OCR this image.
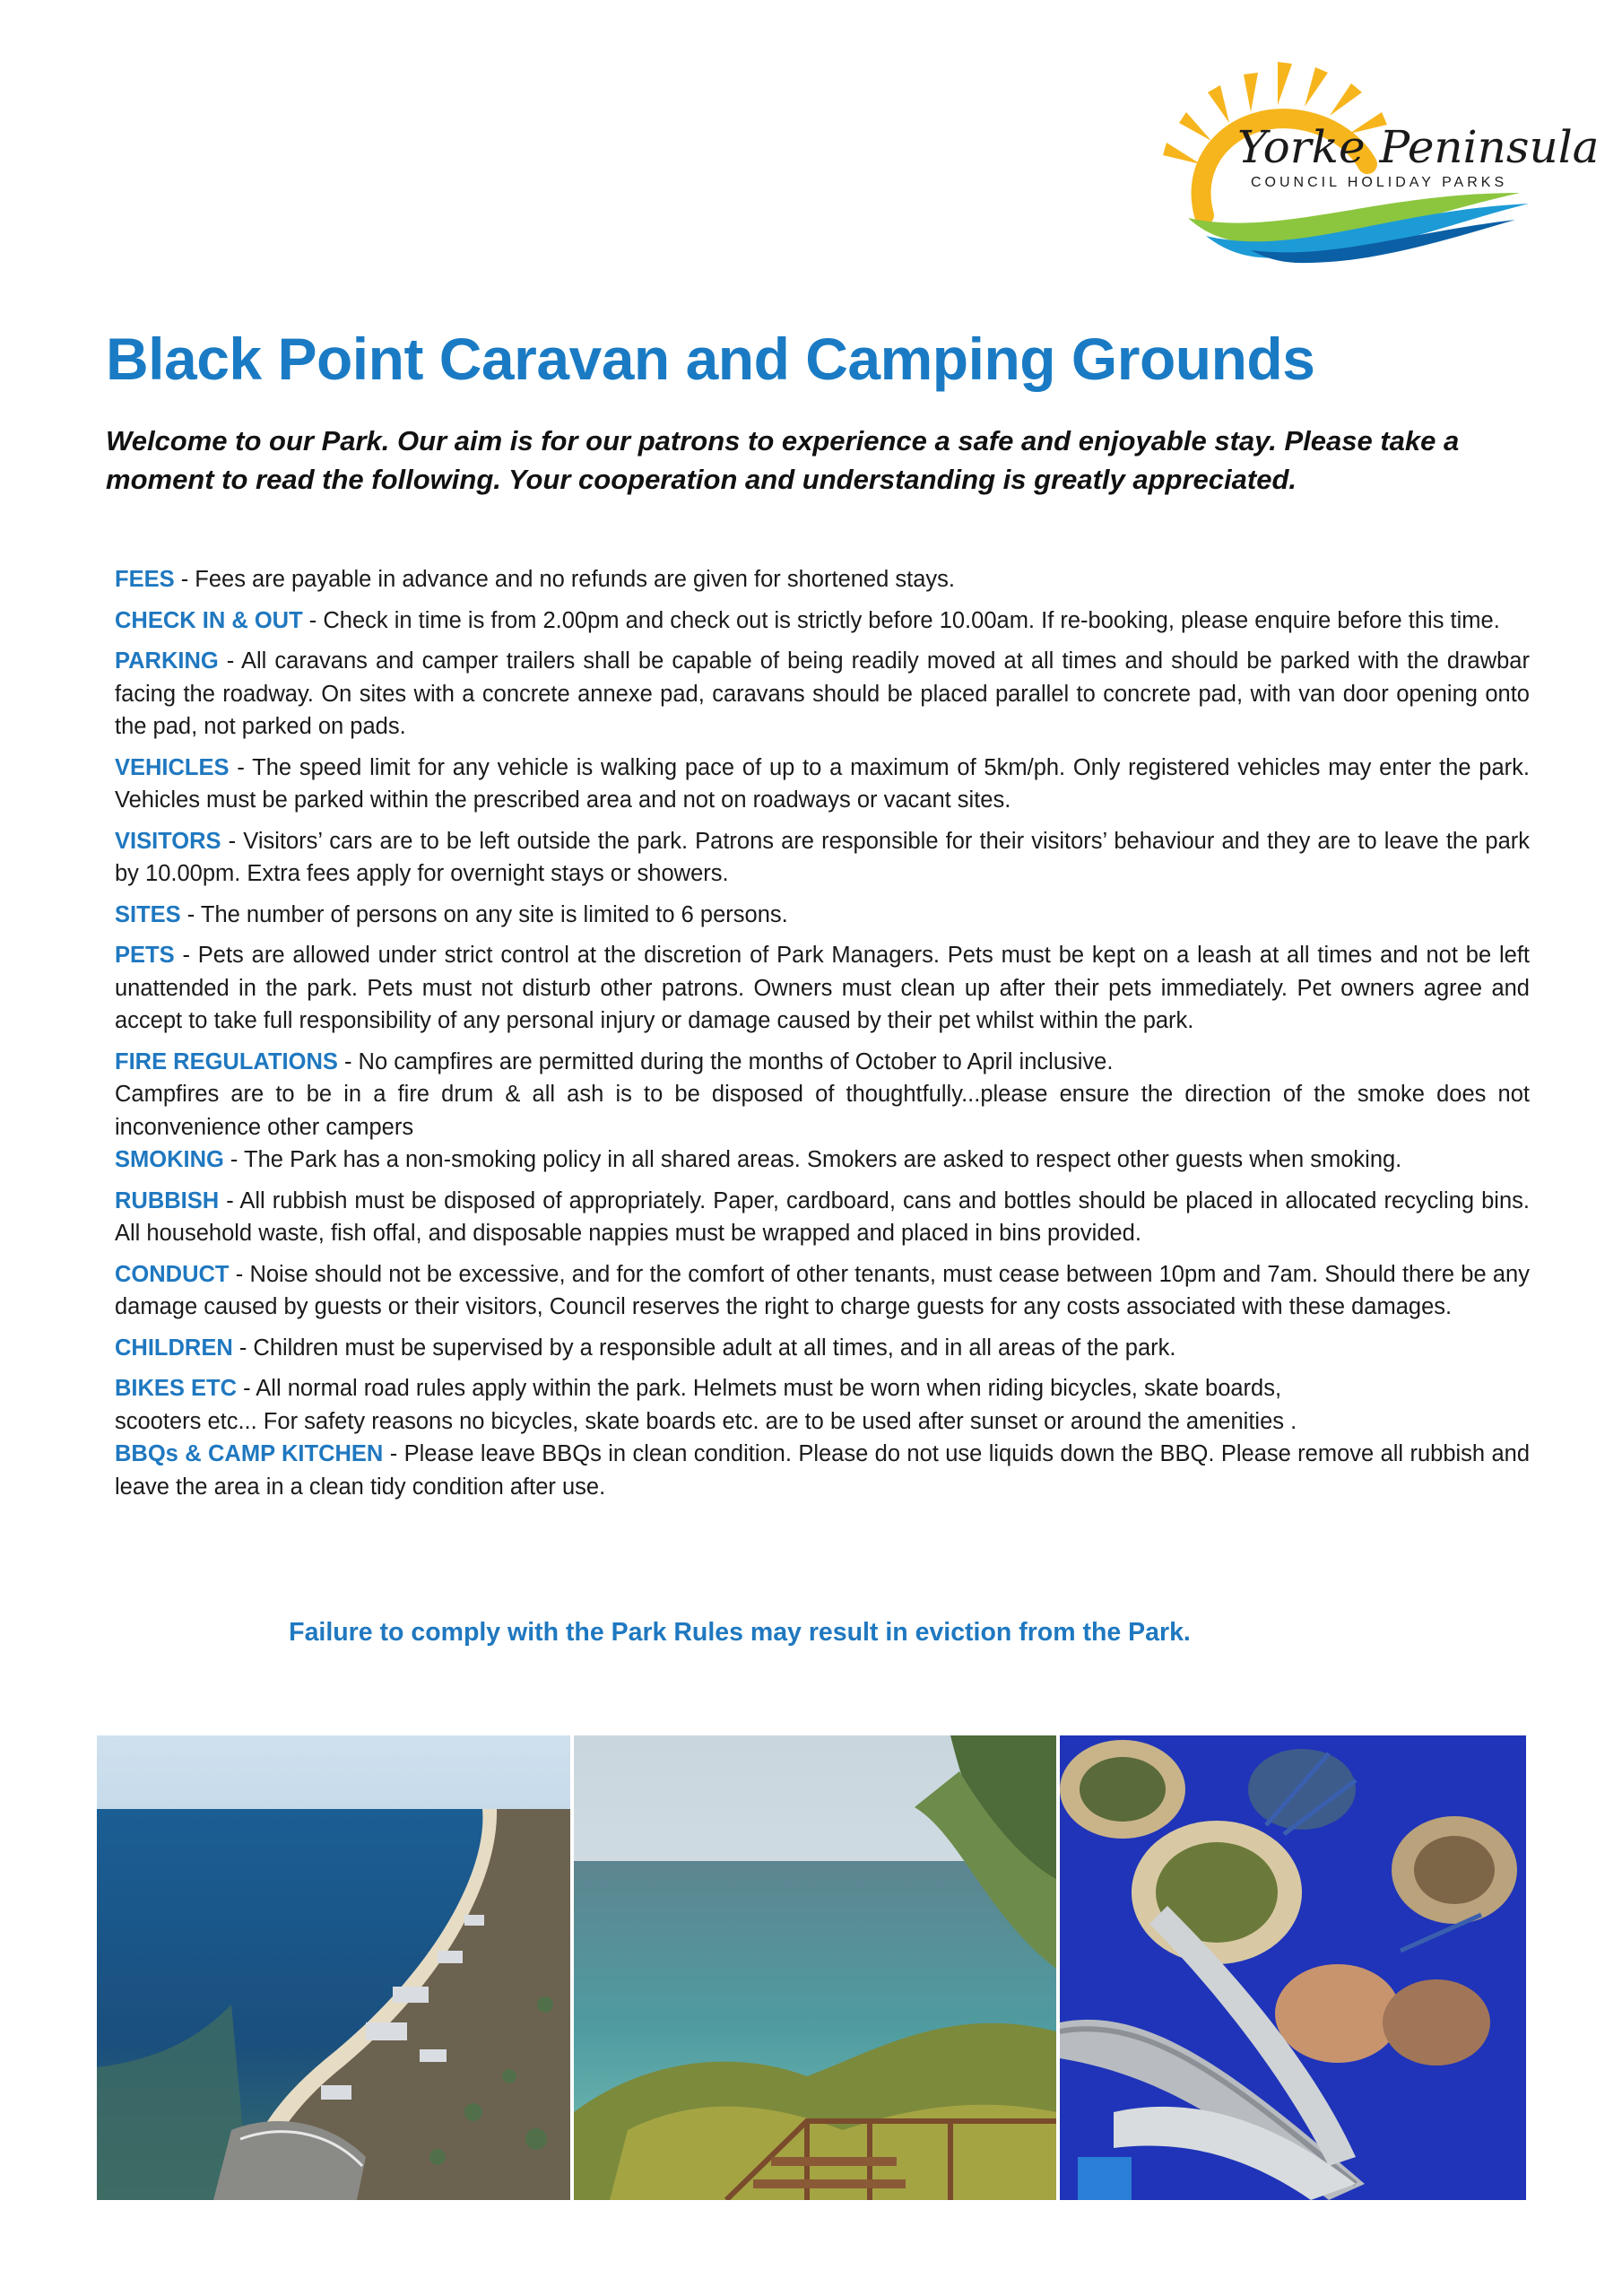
Yorke Peninsula
COUNCIL HOLIDAY PARKS
Black Point Caravan and Camping Grounds

Welcome to our Park. Our aim is for our patrons to experience a safe and enjoyable stay. Please take a moment to read the following. Your cooperation and understanding is greatly appreciated.

FEES - Fees are payable in advance and no refunds are given for shortened stays.

CHECK IN & OUT - Check in time is from 2.00pm and check out is strictly before 10.00am. If re-booking, please enquire before this time.

PARKING - All caravans and camper trailers shall be capable of being readily moved at all times and should be parked with the drawbar facing the roadway. On sites with a concrete annexe pad, caravans should be placed parallel to concrete pad, with van door opening onto the pad, not parked on pads.

VEHICLES - The speed limit for any vehicle is walking pace of up to a maximum of 5km/ph. Only registered vehicles may enter the park. Vehicles must be parked within the prescribed area and not on roadways or vacant sites.

VISITORS - Visitors’ cars are to be left outside the park. Patrons are responsible for their visitors’ behaviour and they are to leave the park by 10.00pm. Extra fees apply for overnight stays or showers.

SITES - The number of persons on any site is limited to 6 persons.

PETS - Pets are allowed under strict control at the discretion of Park Managers. Pets must be kept on a leash at all times and not be left unattended in the park. Pets must not disturb other patrons. Owners must clean up after their pets immediately. Pet owners agree and accept to take full responsibility of any personal injury or damage caused by their pet whilst within the park.

FIRE REGULATIONS - No campfires are permitted during the months of October to April inclusive.
Campfires are to be in a fire drum & all ash is to be disposed of thoughtfully...please ensure the direction of the smoke does not inconvenience other campers

SMOKING - The Park has a non-smoking policy in all shared areas. Smokers are asked to respect other guests when smoking.

RUBBISH - All rubbish must be disposed of appropriately. Paper, cardboard, cans and bottles should be placed in allocated recycling bins. All household waste, fish offal, and disposable nappies must be wrapped and placed in bins provided.

CONDUCT - Noise should not be excessive, and for the comfort of other tenants, must cease between 10pm and 7am. Should there be any damage caused by guests or their visitors, Council reserves the right to charge guests for any costs associated with these damages.

CHILDREN - Children must be supervised by a responsible adult at all times, and in all areas of the park.

BIKES ETC - All normal road rules apply within the park. Helmets must be worn when riding bicycles, skate boards,
scooters etc... For safety reasons no bicycles, skate boards etc. are to be used after sunset or around the amenities .

BBQs & CAMP KITCHEN - Please leave BBQs in clean condition. Please do not use liquids down the BBQ. Please remove all rubbish and leave the area in a clean tidy condition after use.

Failure to comply with the Park Rules may result in eviction from the Park.
